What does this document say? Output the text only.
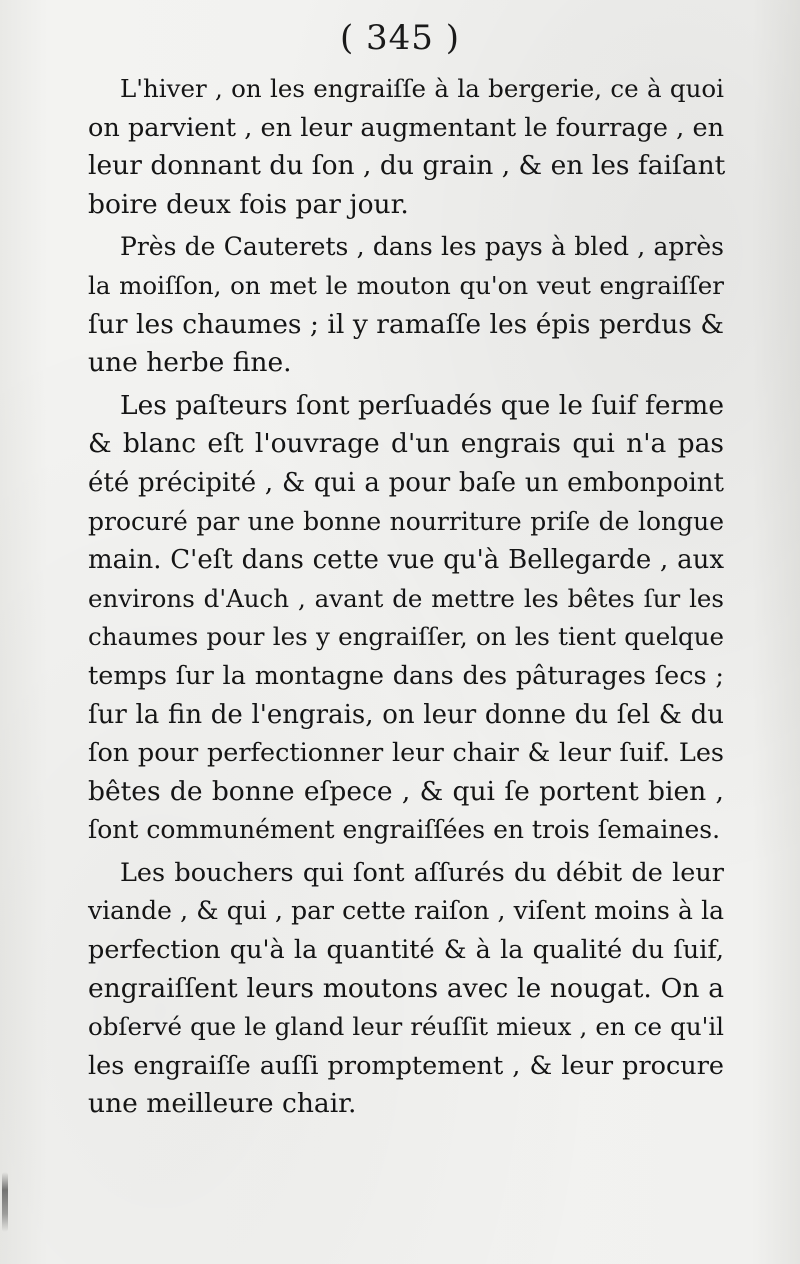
( 345 )
L'hiver , on les engraiſſe à la bergerie, ce à quoi
on parvient , en leur augmentant le fourrage , en
leur donnant du ſon , du grain , & en les faiſant
boire deux fois par jour.
Près de Cauterets , dans les pays à bled , après
la moiſſon, on met le mouton qu'on veut engraiſſer
ſur les chaumes ; il y ramaſſe les épis perdus &
une herbe fine.
Les paſteurs ſont perſuadés que le ſuif ferme
& blanc eſt l'ouvrage d'un engrais qui n'a pas
été précipité , & qui a pour baſe un embonpoint
procuré par une bonne nourriture priſe de longue
main. C'eſt dans cette vue qu'à Bellegarde , aux
environs d'Auch , avant de mettre les bêtes ſur les
chaumes pour les y engraiſſer, on les tient quelque
temps ſur la montagne dans des pâturages ſecs ;
ſur la fin de l'engrais, on leur donne du ſel & du
ſon pour perfectionner leur chair & leur ſuif. Les
bêtes de bonne eſpece , & qui ſe portent bien ,
ſont communément engraiſſées en trois ſemaines.
Les bouchers qui ſont aſſurés du débit de leur
viande , & qui , par cette raiſon , viſent moins à la
perfection qu'à la quantité & à la qualité du ſuif,
engraiſſent leurs moutons avec le nougat. On a
obſervé que le gland leur réuſſit mieux , en ce qu'il
les engraiſſe auſſi promptement , & leur procure
une meilleure chair.
